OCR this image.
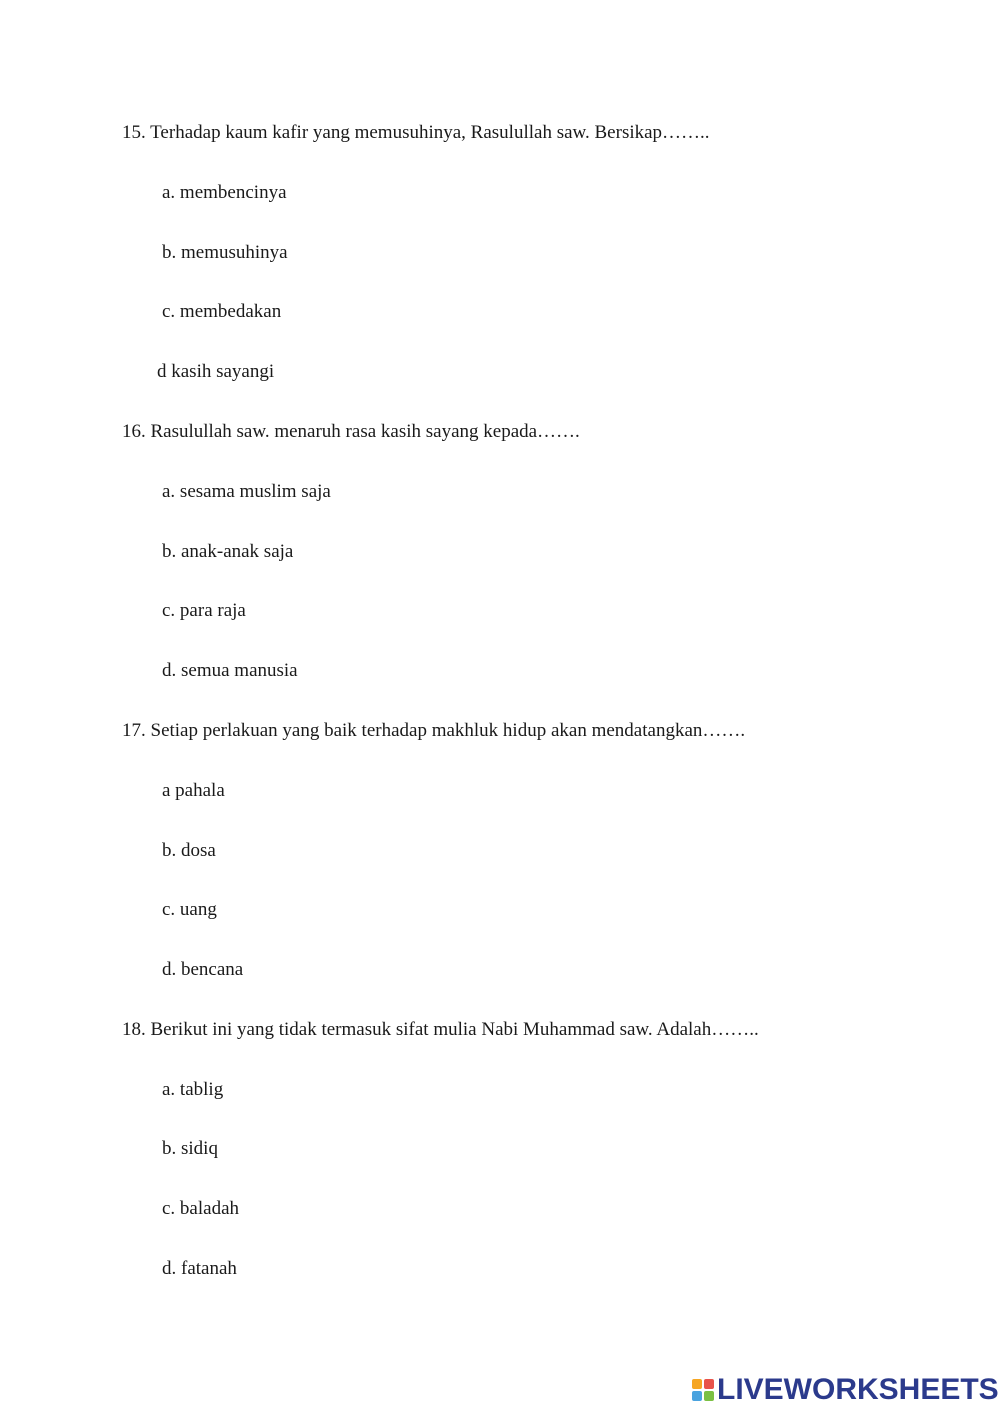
15. Terhadap kaum kafir yang memusuhinya, Rasulullah saw. Bersikap……..
a. membencinya
b. memusuhinya
c. membedakan
d kasih sayangi
16. Rasulullah saw. menaruh rasa kasih sayang kepada…….
a. sesama muslim saja
b. anak-anak saja
c. para raja
d. semua manusia
17. Setiap perlakuan yang baik terhadap makhluk hidup akan mendatangkan…….
a pahala
b. dosa
c. uang
d. bencana
18. Berikut ini yang tidak termasuk sifat mulia Nabi Muhammad saw. Adalah……..
a. tablig
b. sidiq
c. baladah
d. fatanah
LIVEWORKSHEETS
